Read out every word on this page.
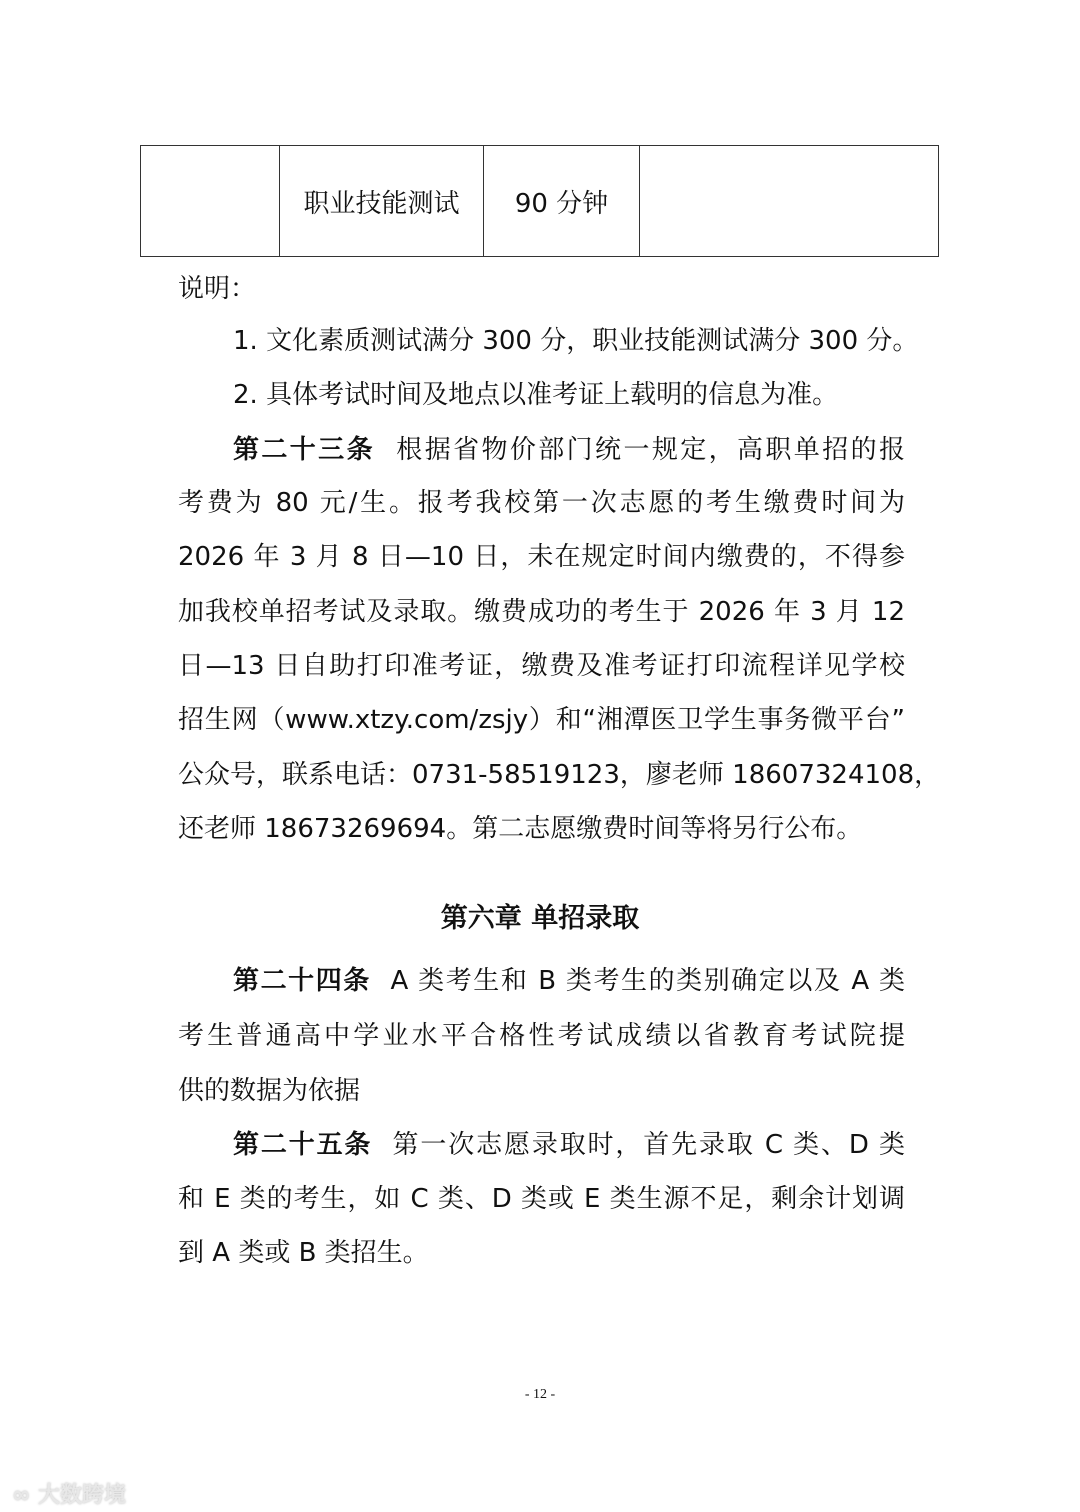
	职业技能测试	90 分钟	
说明：
1. 文化素质测试满分 300 分，职业技能测试满分 300 分。
2. 具体考试时间及地点以准考证上载明的信息为准。
第二十三条 根据省物价部门统一规定，高职单招的报
考费为 80 元/生。报考我校第一次志愿的考生缴费时间为
2026 年 3 月 8 日—10 日，未在规定时间内缴费的，不得参
加我校单招考试及录取。缴费成功的考生于 2026 年 3 月 12
日—13 日自助打印准考证，缴费及准考证打印流程详见学校
招生网（www.xtzy.com/zsjy）和“湘潭医卫学生事务微平台”
公众号，联系电话：0731-58519123，廖老师 18607324108，
还老师 18673269694。第二志愿缴费时间等将另行公布。
第六章 单招录取
第二十四条 A 类考生和 B 类考生的类别确定以及 A 类
考生普通高中学业水平合格性考试成绩以省教育考试院提
供的数据为依据
第二十五条 第一次志愿录取时，首先录取 C 类、D 类
和 E 类的考生，如 C 类、D 类或 E 类生源不足，剩余计划调
到 A 类或 B 类招生。
- 12 -
∞ 大数跨境
